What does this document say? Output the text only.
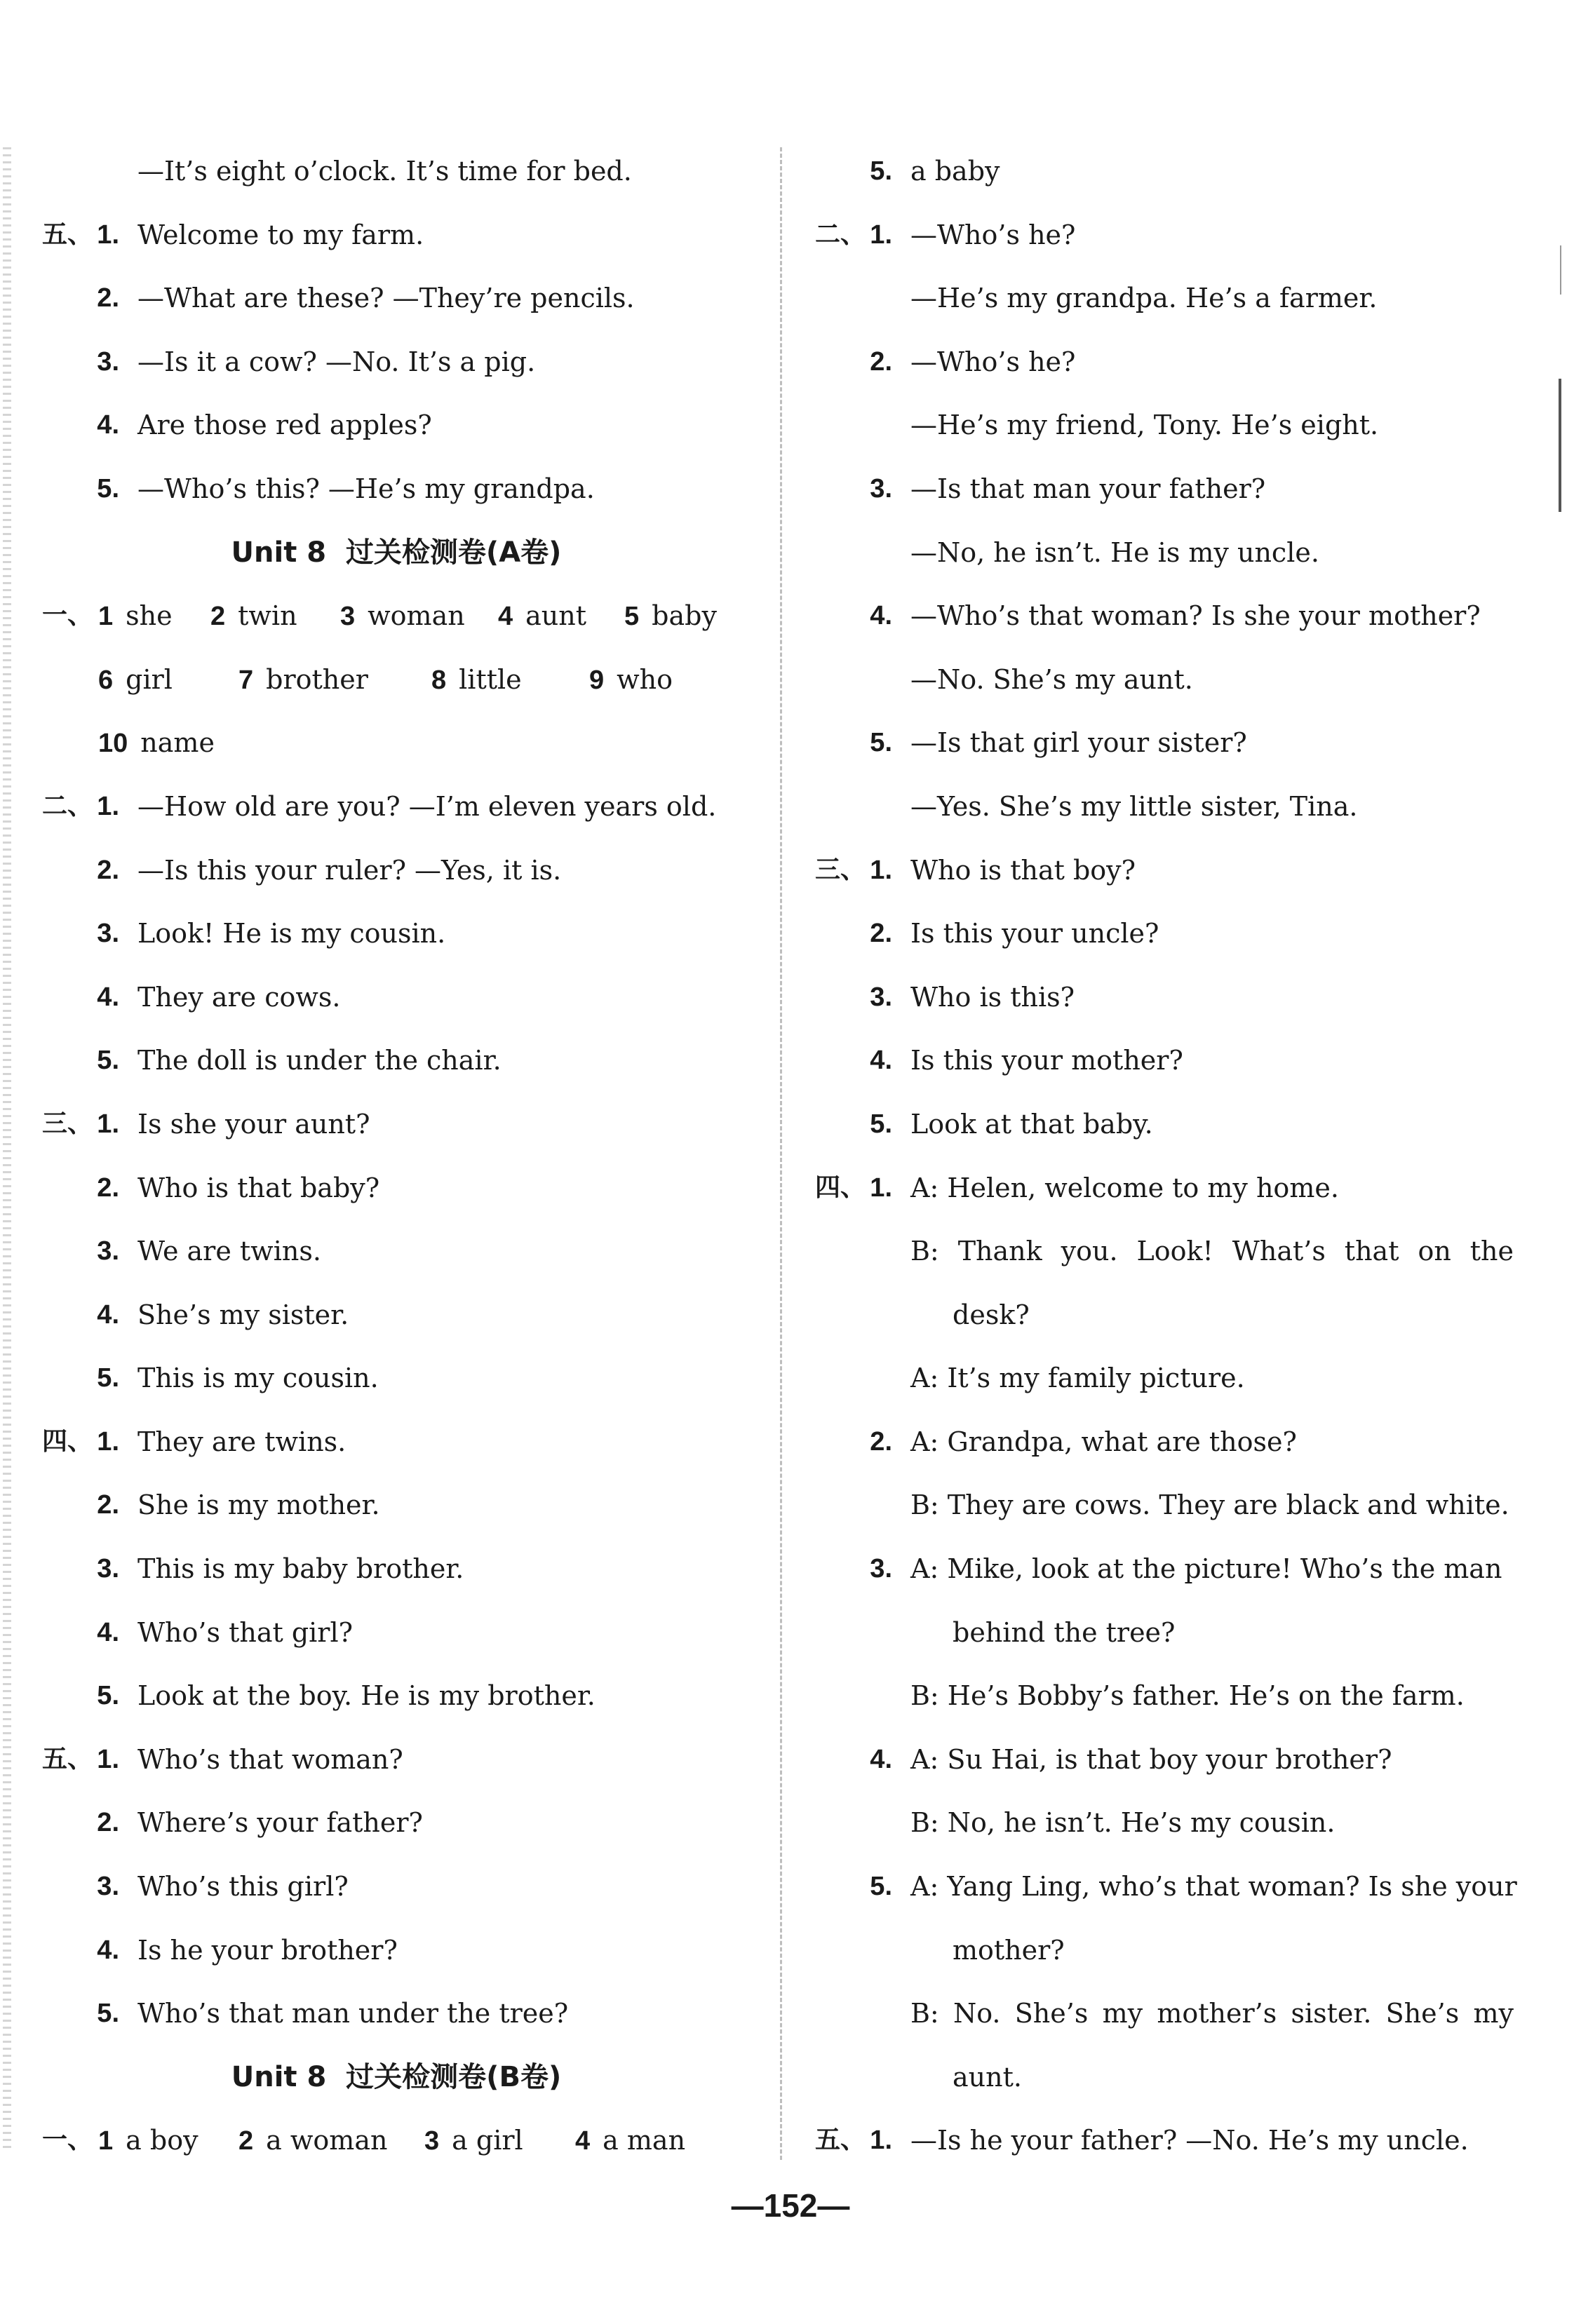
—It’s eight o’clock. It’s time for bed.
五、 1 . Welcome to my farm.
2 . —What are these? —They’re pencils.
3 . —Is it a cow? —No. It’s a pig.
4 . Are those red apples?
5 . —Who’s this? —He’s my grandpa.
Unit 8 过关检测卷(A卷)
一、 1 she 2 twin 3 woman 4 aunt 5 baby
6 girl 7 brother 8 little	9 who
10 name
二、 1 . —How old are you? —I’m eleven years old.
2 . —Is this your ruler? —Yes, it is.
3 . Look! He is my cousin.
4 . They are cows.
5 . The doll is under the chair.
三、 1 . Is she your aunt?
2 . Who is that baby?
3 . We are twins.
4 . She’s my sister.
5 . This is my cousin.
四、 1 . They are twins.
2 . She is my mother.
3 . This is my baby brother.
4 . Who’s that girl?
5 . Look at the boy. He is my brother.
五、 1 . Who’s that woman?
2 . Where’s your father?
3 . Who’s this girl?
4 . Is he your brother?
5 . Who’s that man under the tree?
Unit 8 过关检测卷(B卷)
一、 1 a boy 2 a woman 3 a girl 4 a man
5 . a baby
二、 1 . —Who’s he?
—He’s my grandpa. He’s a farmer.
2 . —Who’s he?
—He’s my friend, Tony. He’s eight.
3 . —Is that man your father?
—No, he isn’t. He is my uncle.
4 . —Who’s that woman? Is she your mother?
—No. She’s my aunt.
5 . —Is that girl your sister?
—Yes. She’s my little sister, Tina.
三、 1 . Who is that boy?
2 . Is this your uncle?
3 . Who is this?
4 . Is this your mother?
5 . Look at that baby.
四、 1 . A: Helen, welcome to my home.
B: Thank you. Look! What’s that on the
desk?
A: It’s my family picture.
2 . A: Grandpa, what are those?
B: They are cows. They are black and white.
3 . A: Mike, look at the picture! Who’s the man
behind the tree?
B: He’s Bobby’s father. He’s on the farm.
4 . A: Su Hai, is that boy your brother?
B: No, he isn’t. He’s my cousin.
5 . A: Yang Ling, who’s that woman? Is she your
mother?
B: No. She’s my mother’s sister. She’s my
aunt.
五、 1 . —Is he your father? —No. He’s my uncle.
—152—
